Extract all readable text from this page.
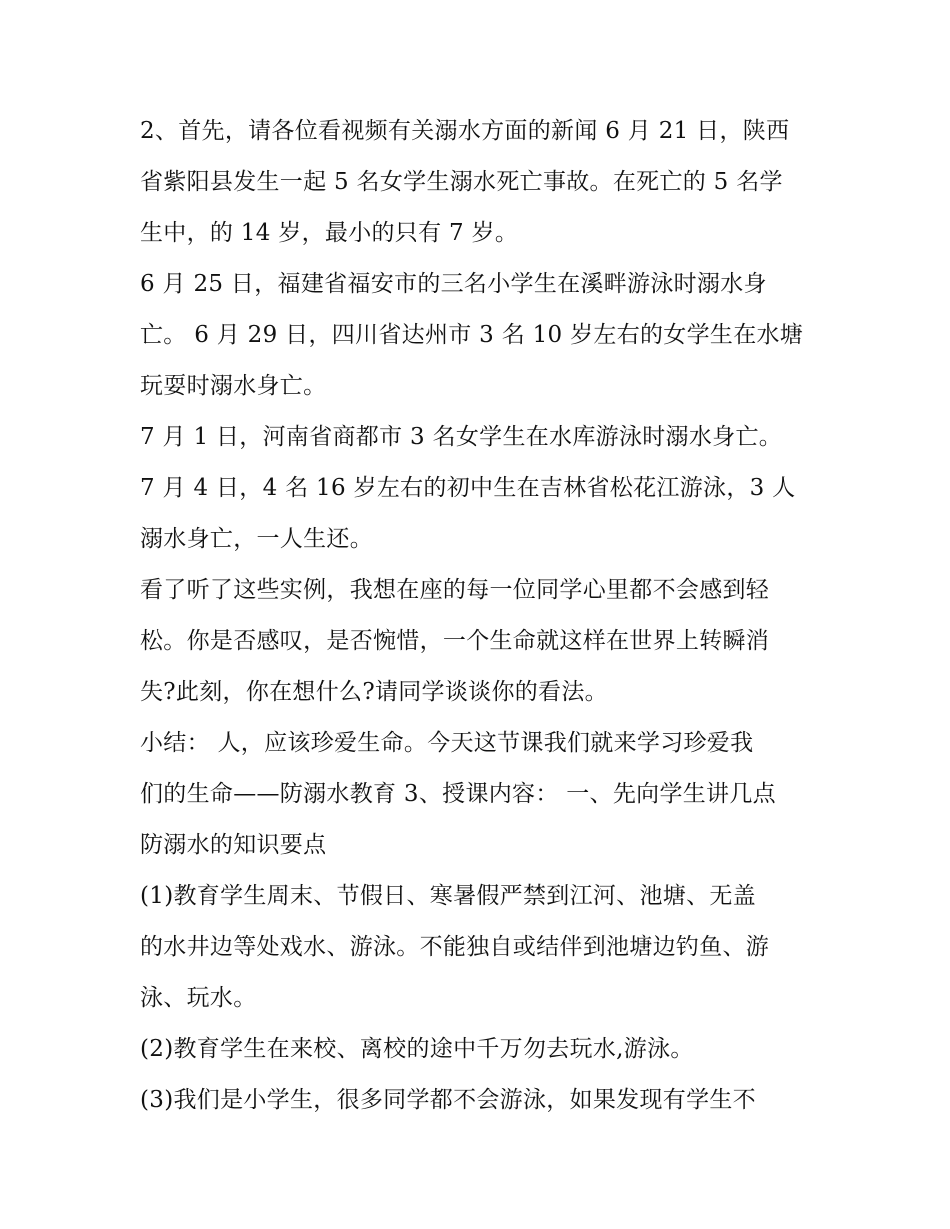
2、首先，请各位看视频有关溺水方面的新闻 6 月 21 日，陕西
省紫阳县发生一起 5 名女学生溺水死亡事故。在死亡的 5 名学
生中，的 14 岁，最小的只有 7 岁。
6 月 25 日，福建省福安市的三名小学生在溪畔游泳时溺水身
亡。 6 月 29 日，四川省达州市 3 名 10 岁左右的女学生在水塘
玩耍时溺水身亡。
7 月 1 日，河南省商都市 3 名女学生在水库游泳时溺水身亡。
7 月 4 日，4 名 16 岁左右的初中生在吉林省松花江游泳，3 人
溺水身亡，一人生还。
看了听了这些实例，我想在座的每一位同学心里都不会感到轻
松。你是否感叹，是否惋惜，一个生命就这样在世界上转瞬消
失?此刻，你在想什么?请同学谈谈你的看法。
小结： 人，应该珍爱生命。今天这节课我们就来学习珍爱我
们的生命——防溺水教育 3、授课内容： 一、先向学生讲几点
防溺水的知识要点
(1)教育学生周末、节假日、寒暑假严禁到江河、池塘、无盖
的水井边等处戏水、游泳。不能独自或结伴到池塘边钓鱼、游
泳、玩水。
(2)教育学生在来校、离校的途中千万勿去玩水,游泳。
(3)我们是小学生，很多同学都不会游泳，如果发现有学生不
